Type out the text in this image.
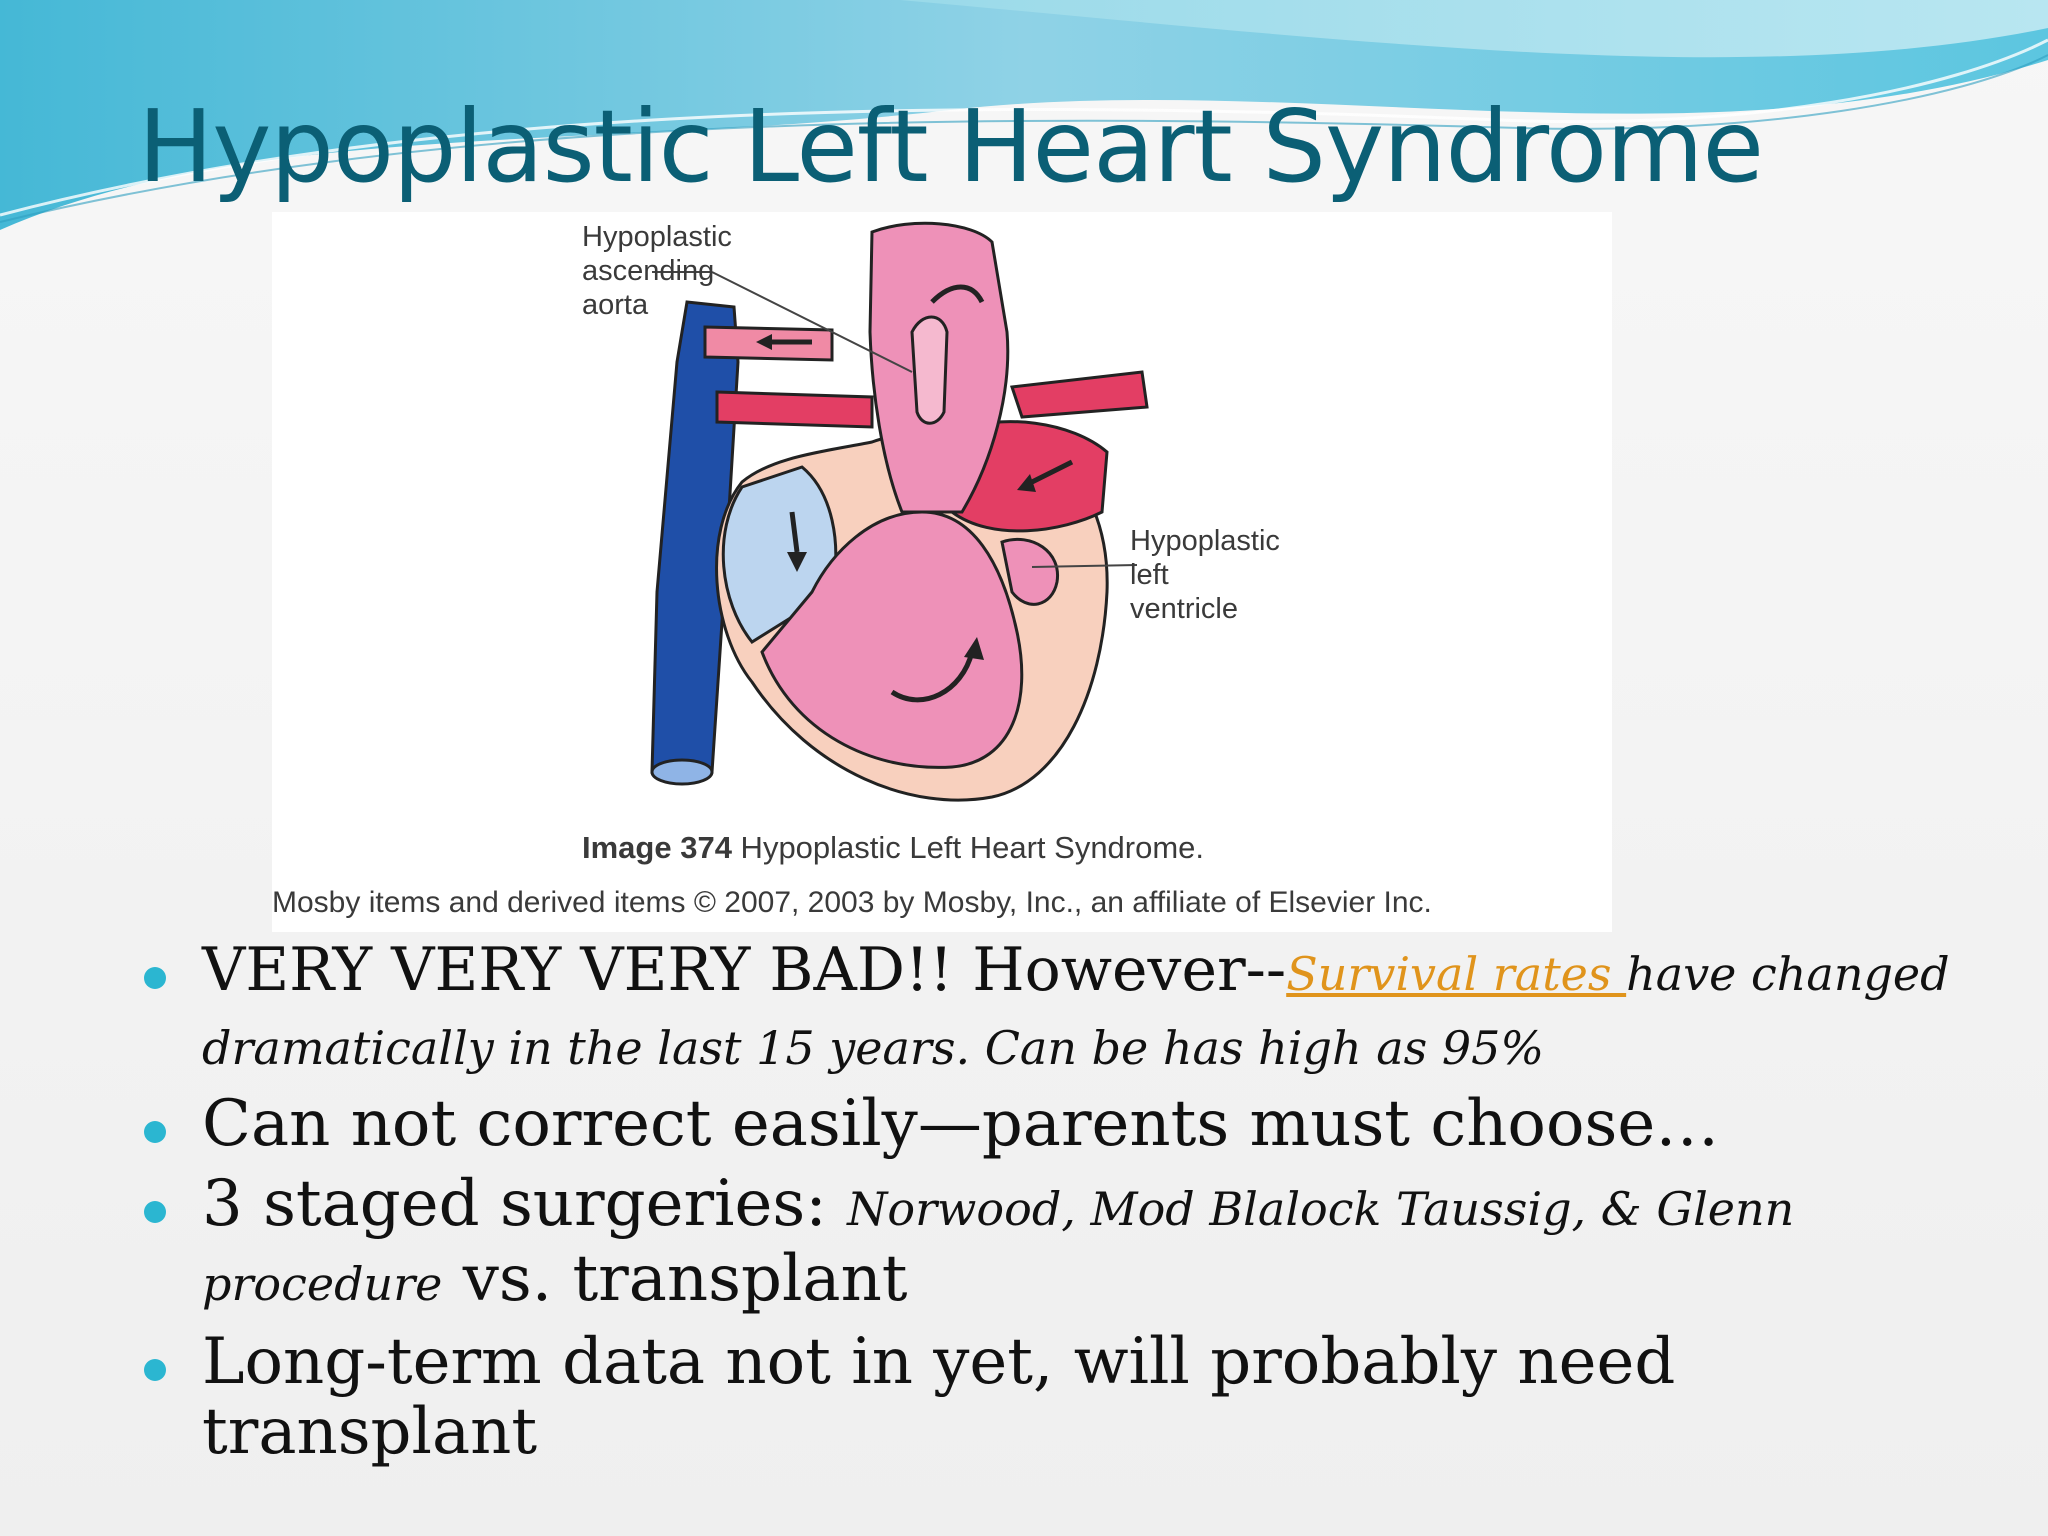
Hypoplastic Left Heart Syndrome
Hypoplastic
ascending
aorta
Hypoplastic
left
ventricle
Image 374 Hypoplastic Left Heart Syndrome.
Mosby items and derived items © 2007, 2003 by Mosby, Inc., an affiliate of Elsevier Inc.
VERY VERY VERY BAD!! However--Survival rates have changed dramatically in the last 15 years. Can be has high as 95%
Can not correct easily—parents must choose…
3 staged surgeries: Norwood, Mod Blalock Taussig, & Glenn procedure vs. transplant
Long-term data not in yet, will probably need transplant
